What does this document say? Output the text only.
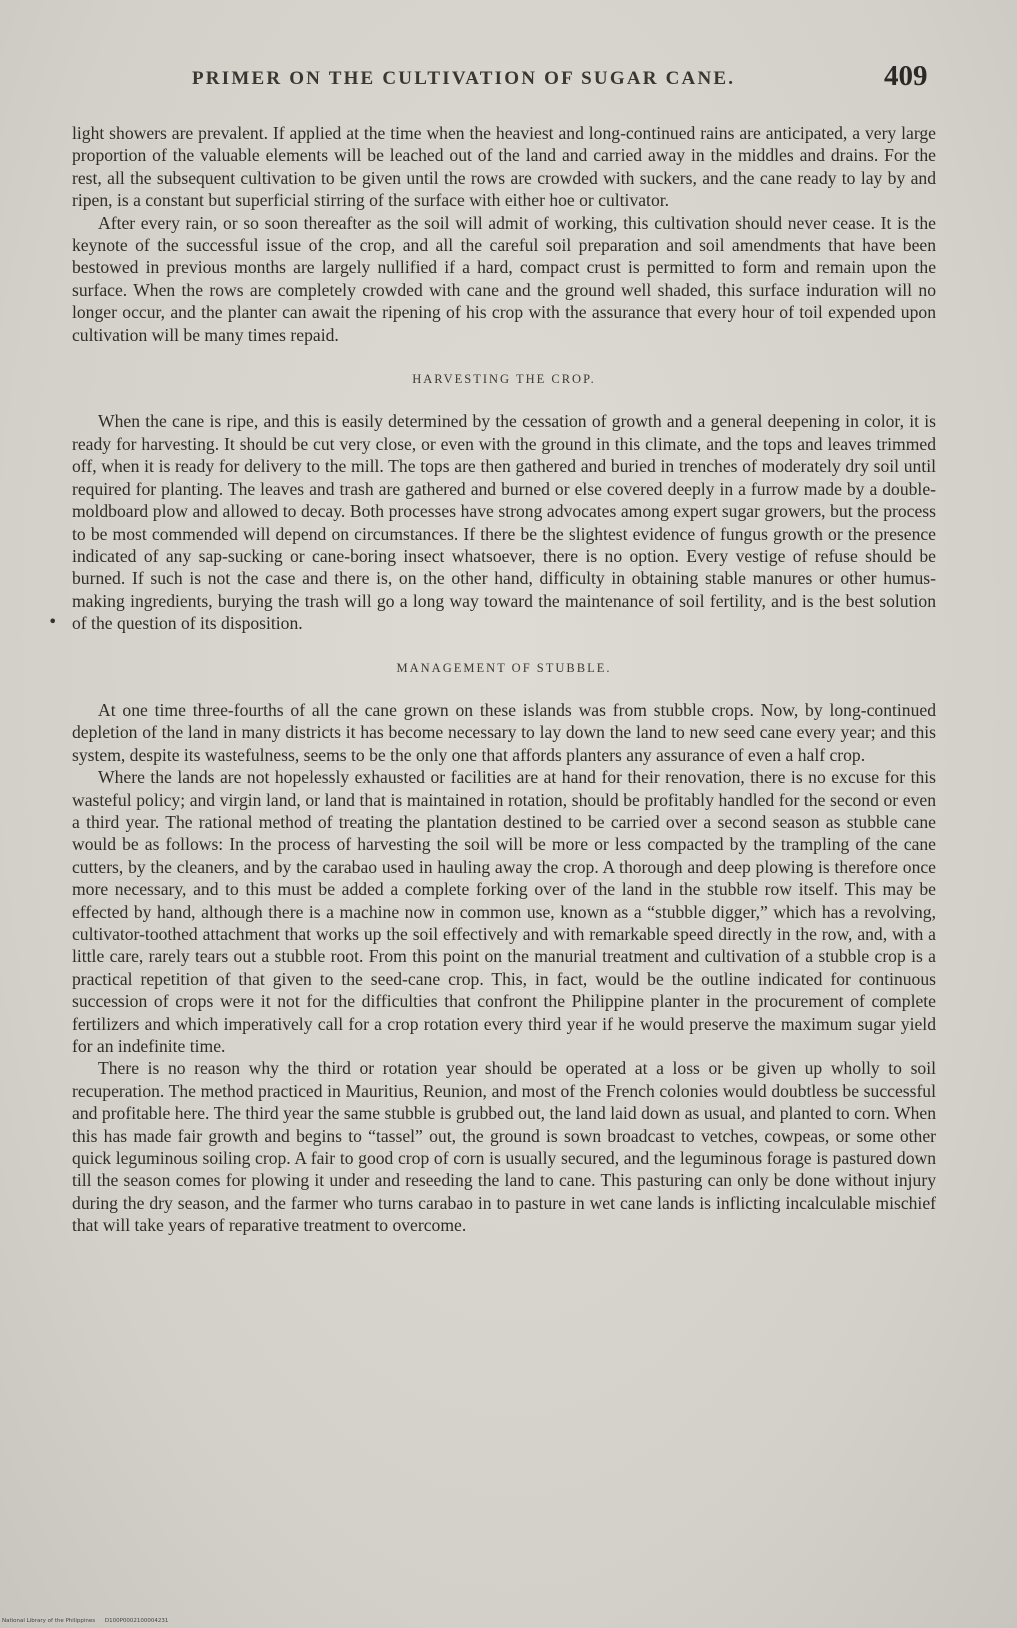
PRIMER ON THE CULTIVATION OF SUGAR CANE.	409

light showers are prevalent. If applied at the time when the heaviest and long-continued rains are anticipated, a very large proportion of the valuable elements will be leached out of the land and carried away in the middles and drains. For the rest, all the subsequent cultivation to be given until the rows are crowded with suckers, and the cane ready to lay by and ripen, is a constant but superficial stirring of the surface with either hoe or cultivator.

After every rain, or so soon thereafter as the soil will admit of working, this cultivation should never cease. It is the keynote of the successful issue of the crop, and all the careful soil preparation and soil amendments that have been bestowed in previous months are largely nullified if a hard, compact crust is permitted to form and remain upon the surface. When the rows are completely crowded with cane and the ground well shaded, this surface induration will no longer occur, and the planter can await the ripening of his crop with the assurance that every hour of toil expended upon cultivation will be many times repaid.

HARVESTING THE CROP.

When the cane is ripe, and this is easily determined by the cessation of growth and a general deepening in color, it is ready for harvesting. It should be cut very close, or even with the ground in this climate, and the tops and leaves trimmed off, when it is ready for delivery to the mill. The tops are then gathered and buried in trenches of moderately dry soil until required for planting. The leaves and trash are gathered and burned or else covered deeply in a furrow made by a double-moldboard plow and allowed to decay. Both processes have strong advocates among expert sugar growers, but the process to be most commended will depend on circumstances. If there be the slightest evidence of fungus growth or the presence indicated of any sap-sucking or cane-boring insect whatsoever, there is no option. Every vestige of refuse should be burned. If such is not the case and there is, on the other hand, difficulty in obtaining stable manures or other humus-making ingredients, burying the trash will go a long way toward the maintenance of soil fertility, and is the best solution of the question of its disposition.

MANAGEMENT OF STUBBLE.

At one time three-fourths of all the cane grown on these islands was from stubble crops. Now, by long-continued depletion of the land in many districts it has become necessary to lay down the land to new seed cane every year; and this system, despite its wastefulness, seems to be the only one that affords planters any assurance of even a half crop.

Where the lands are not hopelessly exhausted or facilities are at hand for their renovation, there is no excuse for this wasteful policy; and virgin land, or land that is maintained in rotation, should be profitably handled for the second or even a third year. The rational method of treating the plantation destined to be carried over a second season as stubble cane would be as follows: In the process of harvesting the soil will be more or less compacted by the trampling of the cane cutters, by the cleaners, and by the carabao used in hauling away the crop. A thorough and deep plowing is therefore once more necessary, and to this must be added a complete forking over of the land in the stubble row itself. This may be effected by hand, although there is a machine now in common use, known as a “stubble digger,” which has a revolving, cultivator-toothed attachment that works up the soil effectively and with remarkable speed directly in the row, and, with a little care, rarely tears out a stubble root. From this point on the manurial treatment and cultivation of a stubble crop is a practical repetition of that given to the seed-cane crop. This, in fact, would be the outline indicated for continuous succession of crops were it not for the difficulties that confront the Philippine planter in the procurement of complete fertilizers and which imperatively call for a crop rotation every third year if he would preserve the maximum sugar yield for an indefinite time.

There is no reason why the third or rotation year should be operated at a loss or be given up wholly to soil recuperation. The method practiced in Mauritius, Reunion, and most of the French colonies would doubtless be successful and profitable here. The third year the same stubble is grubbed out, the land laid down as usual, and planted to corn. When this has made fair growth and begins to “tassel” out, the ground is sown broadcast to vetches, cowpeas, or some other quick leguminous soiling crop. A fair to good crop of corn is usually secured, and the leguminous forage is pastured down till the season comes for plowing it under and reseeding the land to cane. This pasturing can only be done without injury during the dry season, and the farmer who turns carabao in to pasture in wet cane lands is inflicting incalculable mischief that will take years of reparative treatment to overcome.

•
National Library of the Philippines D100P0002100004231
